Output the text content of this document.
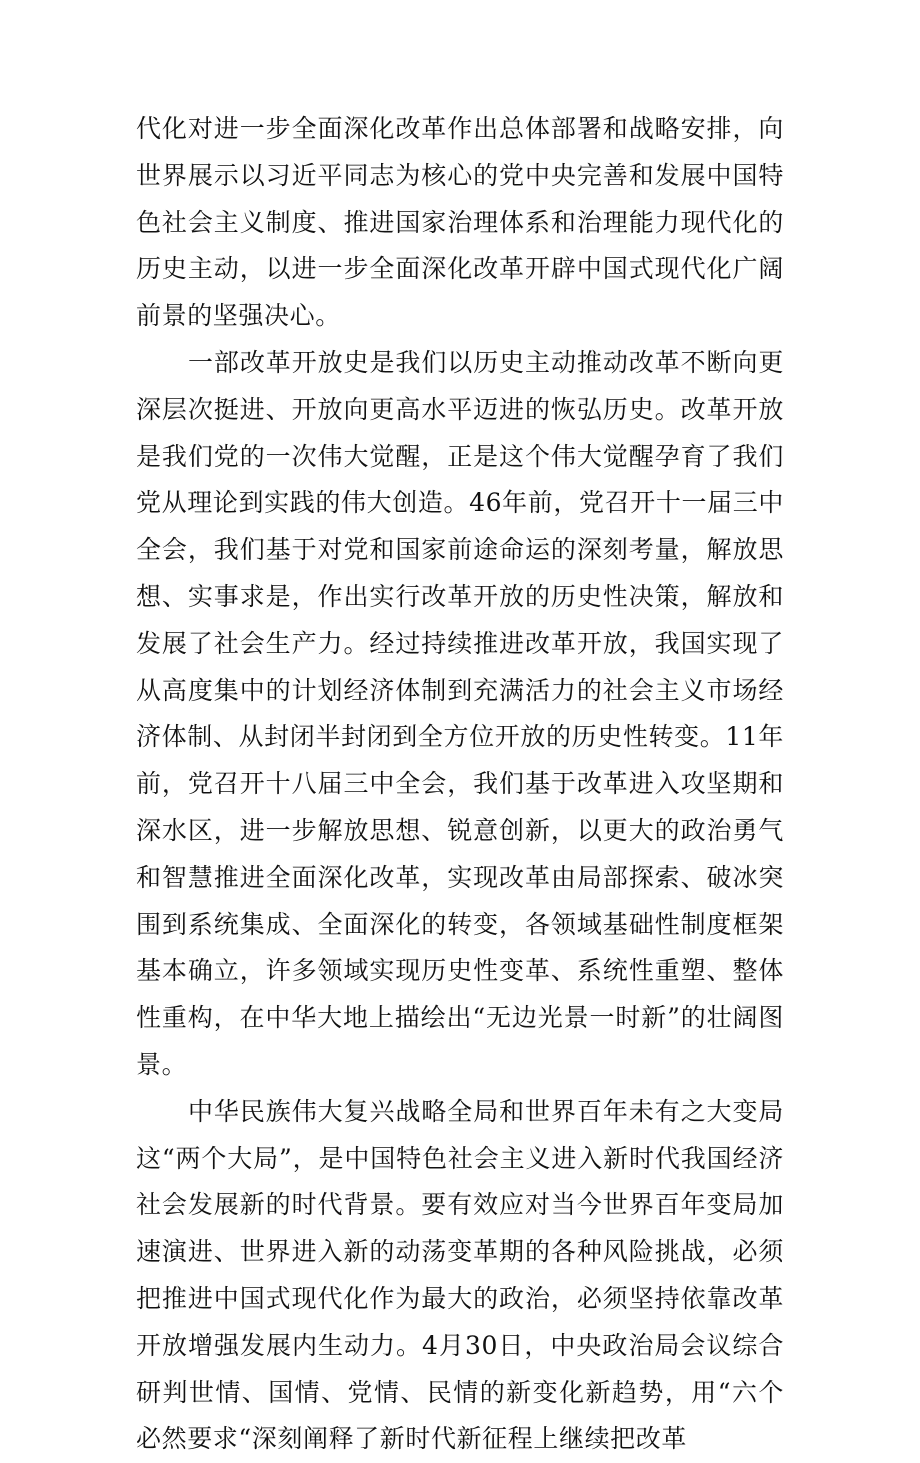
代化对进一步全面深化改革作出总体部署和战略安排，向世界展示以习近平同志为核心的党中央完善和发展中国特色社会主义制度、推进国家治理体系和治理能力现代化的历史主动，以进一步全面深化改革开辟中国式现代化广阔前景的坚强决心。

一部改革开放史是我们以历史主动推动改革不断向更深层次挺进、开放向更高水平迈进的恢弘历史。改革开放是我们党的一次伟大觉醒，正是这个伟大觉醒孕育了我们党从理论到实践的伟大创造。46年前，党召开十一届三中全会，我们基于对党和国家前途命运的深刻考量，解放思想、实事求是，作出实行改革开放的历史性决策，解放和发展了社会生产力。经过持续推进改革开放，我国实现了从高度集中的计划经济体制到充满活力的社会主义市场经济体制、从封闭半封闭到全方位开放的历史性转变。11年前，党召开十八届三中全会，我们基于改革进入攻坚期和深水区，进一步解放思想、锐意创新，以更大的政治勇气和智慧推进全面深化改革，实现改革由局部探索、破冰突围到系统集成、全面深化的转变，各领域基础性制度框架基本确立，许多领域实现历史性变革、系统性重塑、整体性重构，在中华大地上描绘出“无边光景一时新”的壮阔图景。

中华民族伟大复兴战略全局和世界百年未有之大变局这“两个大局”，是中国特色社会主义进入新时代我国经济社会发展新的时代背景。要有效应对当今世界百年变局加速演进、世界进入新的动荡变革期的各种风险挑战，必须把推进中国式现代化作为最大的政治，必须坚持依靠改革开放增强发展内生动力。4月30日，中央政治局会议综合研判世情、国情、党情、民情的新变化新趋势，用“六个必然要求“深刻阐释了新时代新征程上继续把改革
